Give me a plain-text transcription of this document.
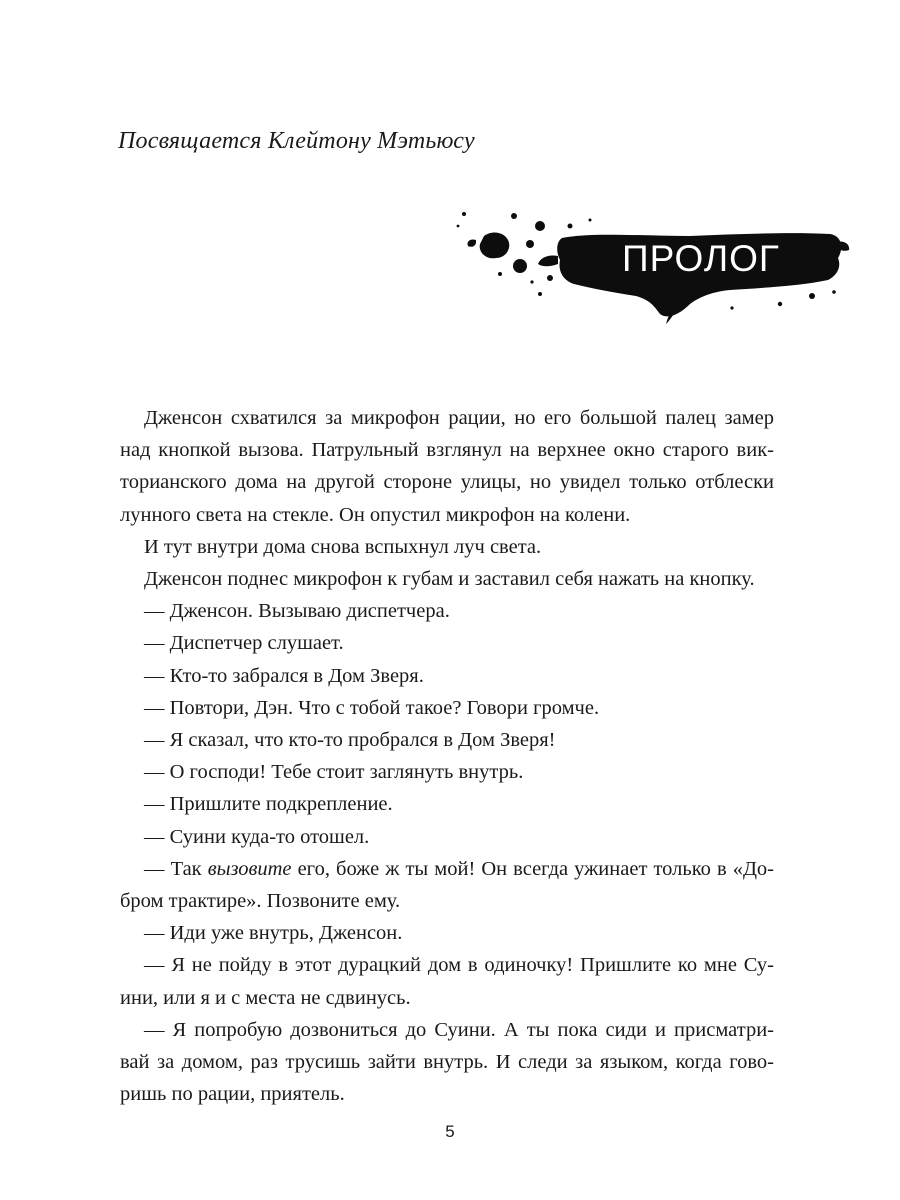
Посвящается Клейтону Мэтьюсу
ПРОЛОГ
Дженсон схватился за микрофон рации, но его большой палец замер
над кнопкой вызова. Патрульный взглянул на верхнее окно старого вик-
торианского дома на другой стороне улицы, но увидел только отблески
лунного света на стекле. Он опустил микрофон на колени.
И тут внутри дома снова вспыхнул луч света.
Дженсон поднес микрофон к губам и заставил себя нажать на кнопку.
— Дженсон. Вызываю диспетчера.
— Диспетчер слушает.
— Кто-то забрался в Дом Зверя.
— Повтори, Дэн. Что с тобой такое? Говори громче.
— Я сказал, что кто-то пробрался в Дом Зверя!
— О господи! Тебе стоит заглянуть внутрь.
— Пришлите подкрепление.
— Суини куда-то отошел.
— Так вызовите его, боже ж ты мой! Он всегда ужинает только в «До-
бром трактире». Позвоните ему.
— Иди уже внутрь, Дженсон.
— Я не пойду в этот дурацкий дом в одиночку! Пришлите ко мне Су-
ини, или я и с места не сдвинусь.
— Я попробую дозвониться до Суини. А ты пока сиди и присматри-
вай за домом, раз трусишь зайти внутрь. И следи за языком, когда гово-
ришь по рации, приятель.
5
